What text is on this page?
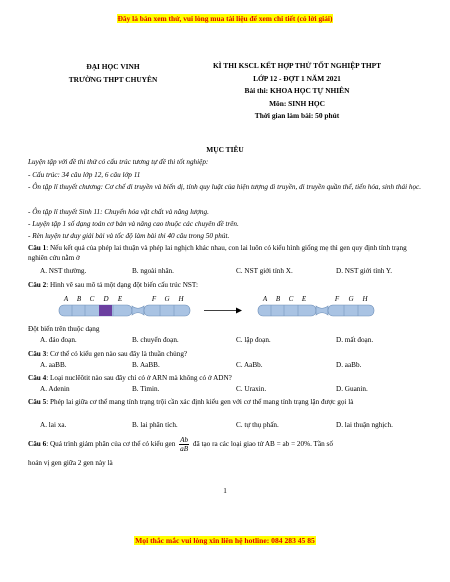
Đây là bản xem thử, vui lòng mua tài liệu để xem chi tiết (có lời giải)
ĐẠI HỌC VINH
TRƯỜNG THPT CHUYÊN
KÌ THI KSCL KẾT HỢP THỬ TỐT NGHIỆP THPT
LỚP 12 - ĐỢT 1 NĂM 2021
Bài thi: KHOA HỌC TỰ NHIÊN
Môn: SINH HỌC
Thời gian làm bài: 50 phút
MỤC TIÊU
Luyện tập với đề thi thử có cấu trúc tương tự đề thi tốt nghiệp:
- Cấu trúc: 34 câu lớp 12, 6 câu lớp 11
- Ôn tập lí thuyết chương: Cơ chế di truyền và biến dị, tính quy luật của hiện tượng di truyền, di truyền quần thể, tiến hóa, sinh thái học.
- Ôn tập lí thuyết Sinh 11: Chuyển hóa vật chất và năng lượng.
- Luyện tập 1 số dạng toán cơ bản và nâng cao thuộc các chuyên đề trên.
- Rèn luyện tư duy giải bài và tốc độ làm bài thi 40 câu trong 50 phút.
Câu 1: Nếu kết quả của phép lai thuận và phép lai nghịch khác nhau, con lai luôn có kiểu hình giống mẹ thì gen quy định tính trạng nghiên cứu nằm ở
A. NST thường.	B. ngoài nhân.	C. NST giới tính X.	D. NST giới tính Y.
Câu 2: Hình vẽ sau mô tả một dạng đột biến cấu trúc NST:
A B C D E	F G H	A B C E	F G H
Đột biến trên thuộc dạng
A. đảo đoạn.	B. chuyển đoạn.	C. lặp đoạn.	D. mất đoạn.
Câu 3: Cơ thể có kiểu gen nào sau đây là thuần chủng?
A. aaBB.	B. AaBB.	C. AaBb.	D. aaBb.
Câu 4: Loại nuclêôtit nào sau đây chỉ có ở ARN mà không có ở ADN?
A. Adenin	B. Timin.	C. Uraxin.	D. Guanin.
Câu 5: Phép lai giữa cơ thể mang tính trạng trội cần xác định kiểu gen với cơ thể mang tính trạng lặn được gọi là
A. lai xa.	B. lai phân tích.	C. tự thụ phấn.	D. lai thuận nghịch.
Câu 6: Quá trình giảm phân của cơ thể có kiểu gen $\frac{Ab}{aB}$ đã tạo ra các loại giao tử AB = ab = 20%. Tần số
hoán vị gen giữa 2 gen này là
1
Mọi thắc mắc vui lòng xin liên hệ hotline: 084 283 45 85
